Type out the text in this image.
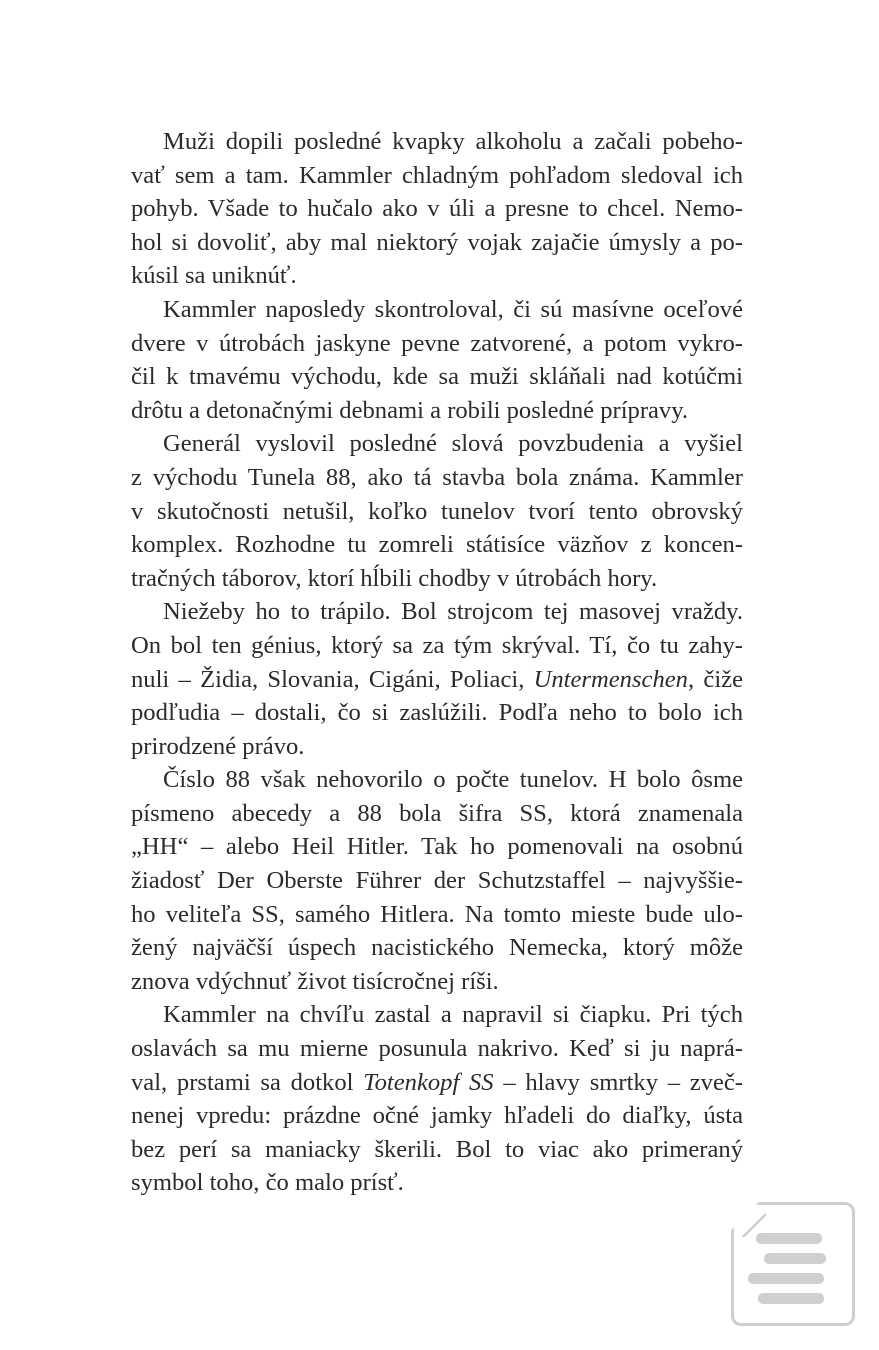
Muži dopili posledné kvapky alkoholu a začali pobeho-
vať sem a tam. Kammler chladným pohľadom sledoval ich
pohyb. Všade to hučalo ako v úli a presne to chcel. Nemo-
hol si dovoliť, aby mal niektorý vojak zajačie úmysly a po-
kúsil sa uniknúť.
Kammler naposledy skontroloval, či sú masívne oceľové
dvere v útrobách jaskyne pevne zatvorené, a potom vykro-
čil k tmavému východu, kde sa muži skláňali nad kotúčmi
drôtu a detonačnými debnami a robili posledné prípravy.
Generál vyslovil posledné slová povzbudenia a vyšiel
z východu Tunela 88, ako tá stavba bola známa. Kammler
v skutočnosti netušil, koľko tunelov tvorí tento obrovský
komplex. Rozhodne tu zomreli státisíce väzňov z koncen-
tračných táborov, ktorí hĺbili chodby v útrobách hory.
Niežeby ho to trápilo. Bol strojcom tej masovej vraždy.
On bol ten génius, ktorý sa za tým skrýval. Tí, čo tu zahy-
nuli – Židia, Slovania, Cigáni, Poliaci, Untermenschen, čiže
podľudia – dostali, čo si zaslúžili. Podľa neho to bolo ich
prirodzené právo.
Číslo 88 však nehovorilo o počte tunelov. H bolo ôsme
písmeno abecedy a 88 bola šifra SS, ktorá znamenala
„HH“ – alebo Heil Hitler. Tak ho pomenovali na osobnú
žiadosť Der Oberste Führer der Schutzstaffel – najvyššie-
ho veliteľa SS, samého Hitlera. Na tomto mieste bude ulo-
žený najväčší úspech nacistického Nemecka, ktorý môže
znova vdýchnuť život tisícročnej ríši.
Kammler na chvíľu zastal a napravil si čiapku. Pri tých
oslavách sa mu mierne posunula nakrivo. Keď si ju naprá-
val, prstami sa dotkol Totenkopf SS – hlavy smrtky – zveč-
nenej vpredu: prázdne očné jamky hľadeli do diaľky, ústa
bez perí sa maniacky škerili. Bol to viac ako primeraný
symbol toho, čo malo prísť.
